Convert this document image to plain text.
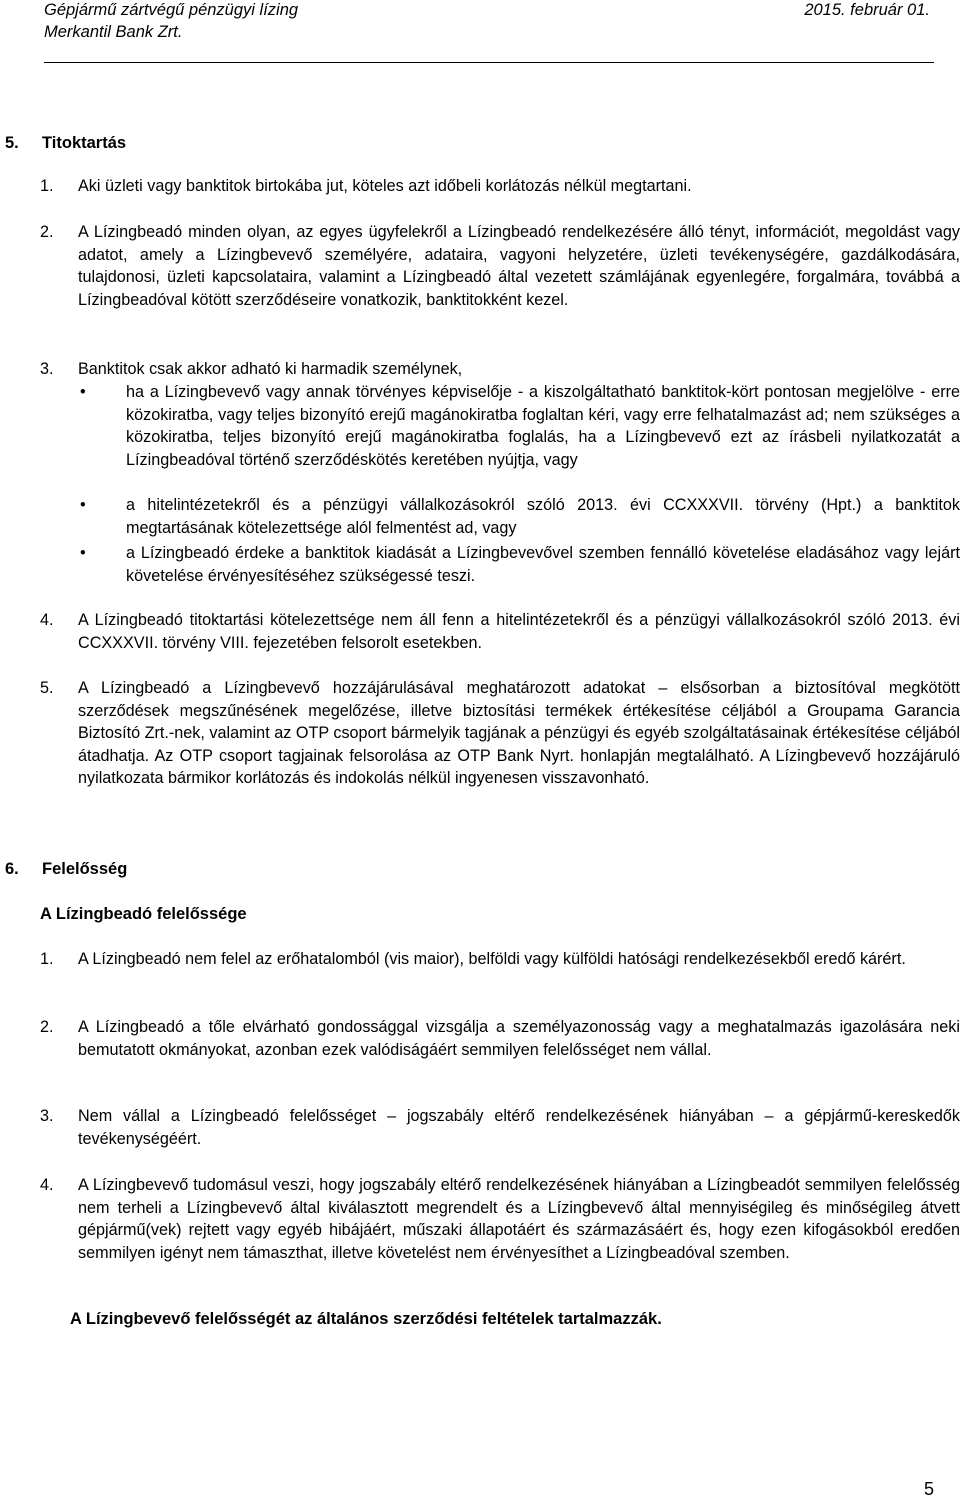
Gépjármű zártvégű pénzügyi lízing
Merkantil Bank Zrt.
2015. február 01.
5. Titoktartás
1. Aki üzleti vagy banktitok birtokába jut, köteles azt időbeli korlátozás nélkül megtartani.
2. A Lízingbeadó minden olyan, az egyes ügyfelekről a Lízingbeadó rendelkezésére álló tényt, információt, megoldást vagy adatot, amely a Lízingbevevő személyére, adataira, vagyoni helyzetére, üzleti tevékenységére, gazdálkodására, tulajdonosi, üzleti kapcsolataira, valamint a Lízingbeadó által vezetett számlájának egyenlegére, forgalmára, továbbá a Lízingbeadóval kötött szerződéseire vonatkozik, banktitokként kezel.
3. Banktitok csak akkor adható ki harmadik személynek,
• ha a Lízingbevevő vagy annak törvényes képviselője - a kiszolgáltatható banktitok-kört pontosan megjelölve - erre közokiratba, vagy teljes bizonyító erejű magánokiratba foglaltan kéri, vagy erre felhatalmazást ad; nem szükséges a közokiratba, teljes bizonyító erejű magánokiratba foglalás, ha a Lízingbevevő ezt az írásbeli nyilatkozatát a Lízingbeadóval történő szerződéskötés keretében nyújtja, vagy
• a hitelintézetekről és a pénzügyi vállalkozásokról szóló 2013. évi CCXXXVII. törvény (Hpt.) a banktitok megtartásának kötelezettsége alól felmentést ad, vagy
• a Lízingbeadó érdeke a banktitok kiadását a Lízingbevevővel szemben fennálló követelése eladásához vagy lejárt követelése érvényesítéséhez szükségessé teszi.
4. A Lízingbeadó titoktartási kötelezettsége nem áll fenn a hitelintézetekről és a pénzügyi vállalkozásokról szóló 2013. évi CCXXXVII. törvény VIII. fejezetében felsorolt esetekben.
5. A Lízingbeadó a Lízingbevevő hozzájárulásával meghatározott adatokat – elsősorban a biztosítóval megkötött szerződések megszűnésének megelőzése, illetve biztosítási termékek értékesítése céljából a Groupama Garancia Biztosító Zrt.-nek, valamint az OTP csoport bármelyik tagjának a pénzügyi és egyéb szolgáltatásainak értékesítése céljából átadhatja. Az OTP csoport tagjainak felsorolása az OTP Bank Nyrt. honlapján megtalálható. A Lízingbevevő hozzájáruló nyilatkozata bármikor korlátozás és indokolás nélkül ingyenesen visszavonható.
6. Felelősség
A Lízingbeadó felelőssége
1. A Lízingbeadó nem felel az erőhatalomból (vis maior), belföldi vagy külföldi hatósági rendelkezésekből eredő kárért.
2. A Lízingbeadó a tőle elvárható gondossággal vizsgálja a személyazonosság vagy a meghatalmazás igazolására neki bemutatott okmányokat, azonban ezek valódiságáért semmilyen felelősséget nem vállal.
3. Nem vállal a Lízingbeadó felelősséget – jogszabály eltérő rendelkezésének hiányában – a gépjármű-kereskedők tevékenységéért.
4. A Lízingbevevő tudomásul veszi, hogy jogszabály eltérő rendelkezésének hiányában a Lízingbeadót semmilyen felelősség nem terheli a Lízingbevevő által kiválasztott megrendelt és a Lízingbevevő által mennyiségileg és minőségileg átvett gépjármű(vek) rejtett vagy egyéb hibájáért, műszaki állapotáért és származásáért és, hogy ezen kifogásokból eredően semmilyen igényt nem támaszthat, illetve követelést nem érvényesíthet a Lízingbeadóval szemben.
A Lízingbevevő felelősségét az általános szerződési feltételek tartalmazzák.
5
